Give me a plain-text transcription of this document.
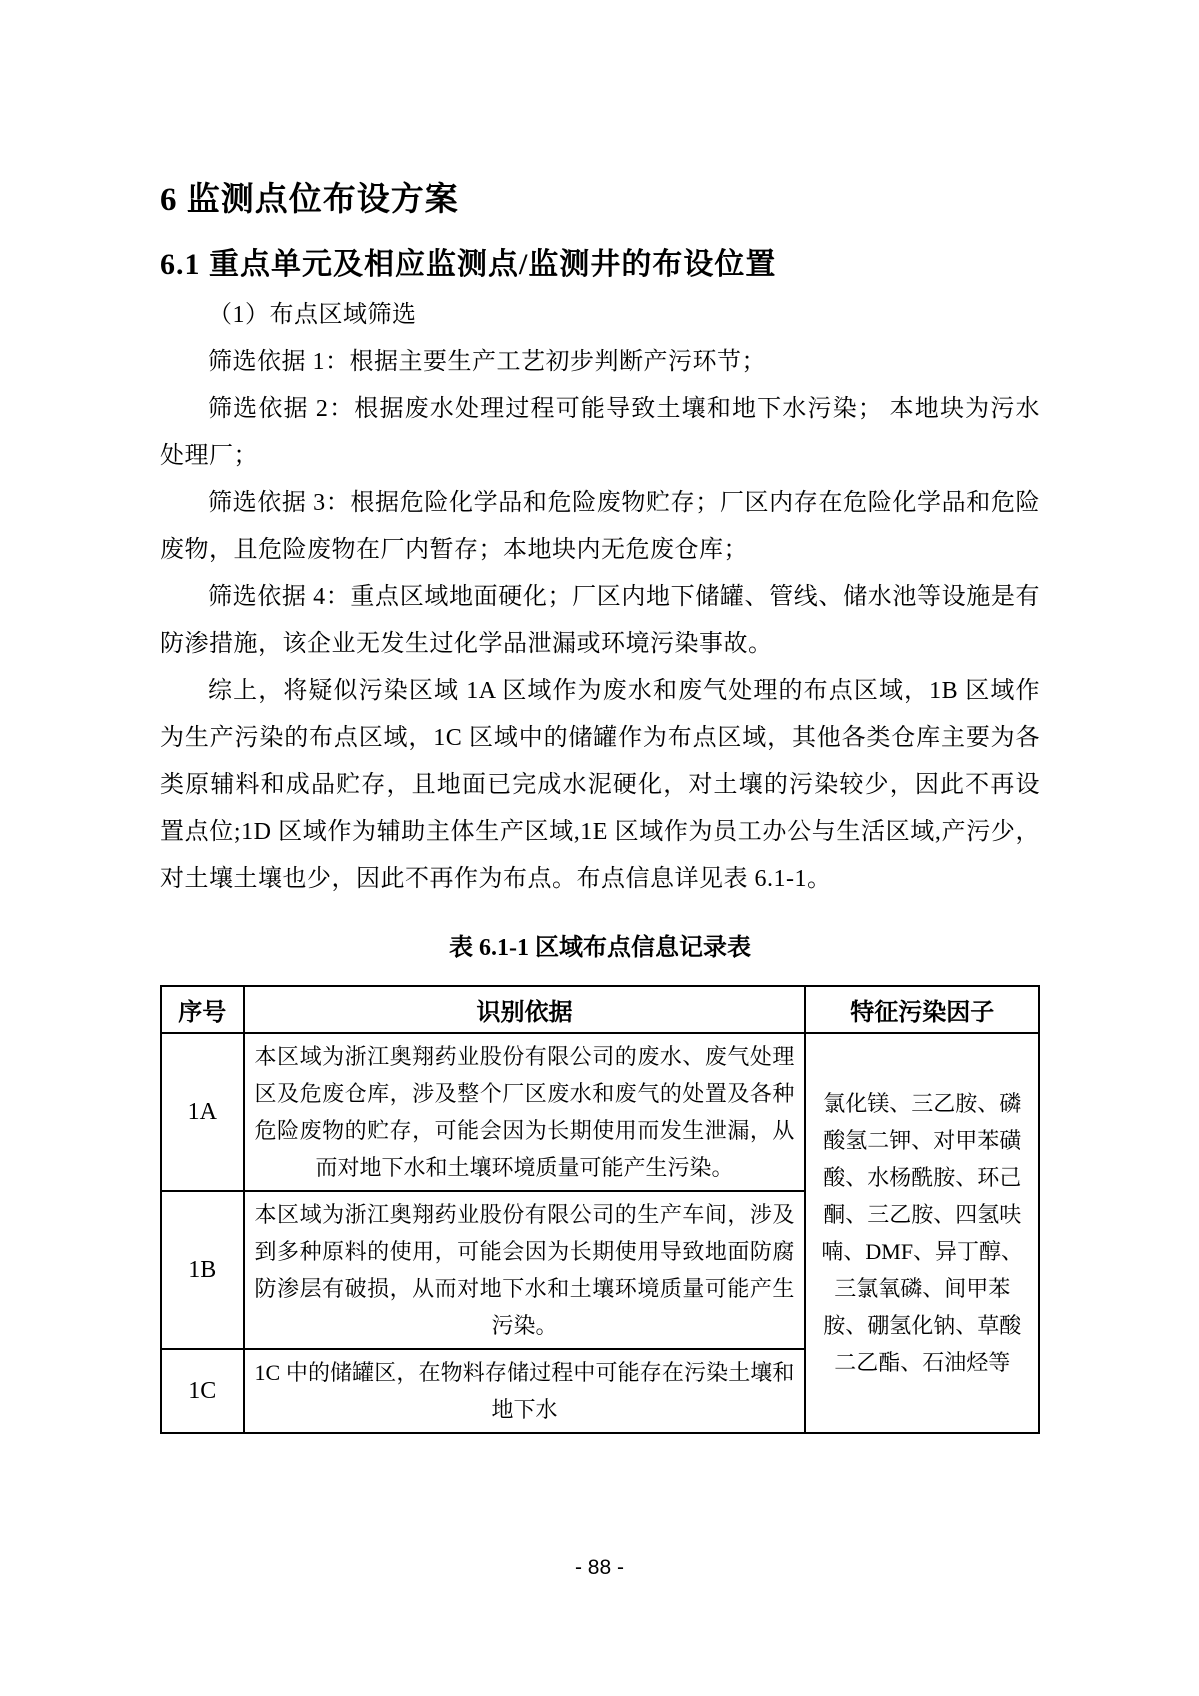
6 监测点位布设方案
6.1 重点单元及相应监测点/监测井的布设位置

（1）布点区域筛选

筛选依据 1：根据主要生产工艺初步判断产污环节；

筛选依据 2：根据废水处理过程可能导致土壤和地下水污染； 本地块为污水处理厂；

筛选依据 3：根据危险化学品和危险废物贮存；厂区内存在危险化学品和危险废物，且危险废物在厂内暂存；本地块内无危废仓库；

筛选依据 4：重点区域地面硬化；厂区内地下储罐、管线、储水池等设施是有防渗措施，该企业无发生过化学品泄漏或环境污染事故。

综上，将疑似污染区域 1A 区域作为废水和废气处理的布点区域，1B 区域作为生产污染的布点区域，1C 区域中的储罐作为布点区域，其他各类仓库主要为各类原辅料和成品贮存，且地面已完成水泥硬化，对土壤的污染较少，因此不再设置点位;1D 区域作为辅助主体生产区域,1E 区域作为员工办公与生活区域,产污少，对土壤土壤也少，因此不再作为布点。布点信息详见表 6.1-1。

表 6.1-1 区域布点信息记录表
序号	识别依据	特征污染因子
1A	本区域为浙江奥翔药业股份有限公司的废水、废气处理区及危废仓库，涉及整个厂区废水和废气的处置及各种危险废物的贮存，可能会因为长期使用而发生泄漏，从而对地下水和土壤环境质量可能产生污染。	氯化镁、三乙胺、磷酸氢二钾、对甲苯磺酸、水杨酰胺、环己酮、三乙胺、四氢呋喃、DMF、异丁醇、三氯氧磷、间甲苯胺、硼氢化钠、草酸二乙酯、石油烃等
1B	本区域为浙江奥翔药业股份有限公司的生产车间，涉及到多种原料的使用，可能会因为长期使用导致地面防腐防渗层有破损，从而对地下水和土壤环境质量可能产生污染。	
1C	1C 中的储罐区，在物料存储过程中可能存在污染土壤和地下水	
- 88 -
